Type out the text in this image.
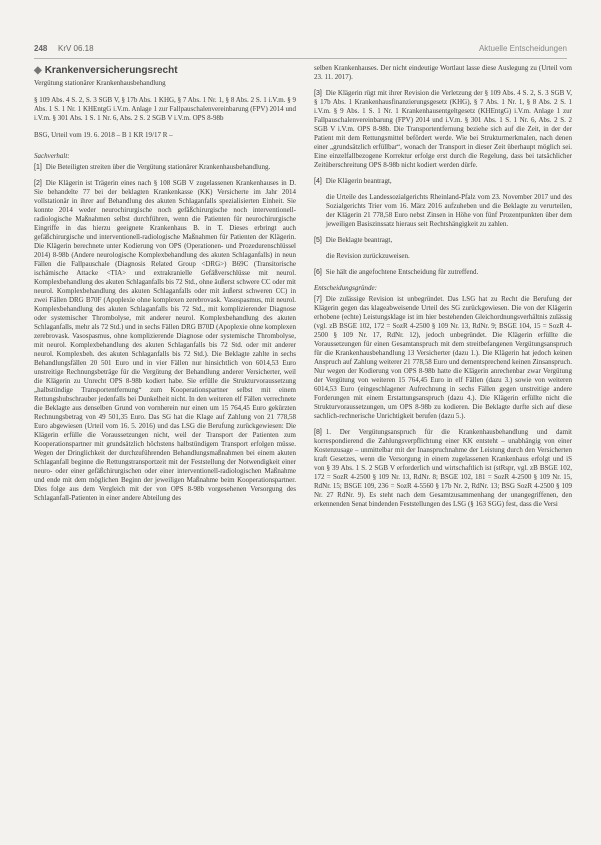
248 KrV 06.18	Aktuelle Entscheidungen
◆ Krankenversicherungsrecht
Vergütung stationärer Krankenhausbehandlung
§ 109 Abs. 4 S. 2, S. 3 SGB V, § 17b Abs. 1 KHG, § 7 Abs. 1 Nr. 1, § 8 Abs. 2 S. 1 i.V.m. § 9 Abs. 1 S. 1 Nr. 1 KHEntgG i.V.m. Anlage 1 zur Fallpauschalenvereinbarung (FPV) 2014 und i.V.m. § 301 Abs. 1 S. 1 Nr. 6, Abs. 2 S. 2 SGB V i.V.m. OPS 8-98b
BSG, Urteil vom 19. 6. 2018 – B 1 KR 19/17 R –
Sachverhalt:

[1] Die Beteiligten streiten über die Vergütung stationärer Krankenhausbehandlung.

[2] Die Klägerin ist Trägerin eines nach § 108 SGB V zugelassenen Krankenhauses in D. Sie behandelte 77 bei der beklagten Krankenkasse (KK) Versicherte im Jahr 2014 vollstationär in ihrer auf Behandlung des akuten Schlaganfalls spezialisierten Einheit. Sie konnte 2014 weder neurochirurgische noch gefäßchirurgische noch interventionell-radiologische Maßnahmen selbst durchführen, wenn die Patienten für neurochirurgische Eingriffe in das hierzu geeignete Krankenhaus B. in T. Dieses erbringt auch gefäßchirurgische und interventionell-radiologische Maßnahmen für Patienten der Klägerin. Die Klägerin berechnete unter Kodierung von OPS (Operationen- und Prozedurenschlüssel 2014) 8-98b (Andere neurologische Komplexbehandlung des akuten Schlaganfalls) in neun Fällen die Fallpauschale (Diagnosis Related Group <DRG>) B69C (Transitorische ischämische Attacke <TIA> und extrakranielle Gefäßverschlüsse mit neurol. Komplexbehandlung des akuten Schlaganfalls bis 72 Std., ohne äußerst schwere CC oder mit neurol. Komplexbehandlung des akuten Schlaganfalls oder mit äußerst schweren CC) in zwei Fällen DRG B70F (Apoplexie ohne komplexen zerebrovask. Vasospasmus, mit neurol. Komplexbehandlung des akuten Schlaganfalls bis 72 Std., mit komplizierender Diagnose oder systemischer Thrombolyse, mit anderer neurol. Komplexbehandlung des akuten Schlaganfalls, mehr als 72 Std.) und in sechs Fällen DRG B70D (Apoplexie ohne komplexen zerebrovask. Vasospasmus, ohne komplizierende Diagnose oder systemische Thrombolyse, mit neurol. Komplexbehandlung des akuten Schlaganfalls bis 72 Std. oder mit anderer neurol. Komplexbeh. des akuten Schlaganfalls bis 72 Std.). Die Beklagte zahlte in sechs Behandlungsfällen 20 501 Euro und in vier Fällen nur hinsichtlich von 6014,53 Euro unstreitige Rechnungsbeträge für die Vergütung der Behandlung anderer Versicherter, weil die Klägerin zu Unrecht OPS 8-98b kodiert habe. Sie erfülle die Strukturvoraussetzung „halbstündige Transportentfernung“ zum Kooperationspartner selbst mit einem Rettungshubschrauber jedenfalls bei Dunkelheit nicht. In den weiteren elf Fällen verrechnete die Beklagte aus denselben Grund von vornherein nur einen um 15 764,45 Euro gekürzten Rechnungsbetrag von 49 501,35 Euro. Das SG hat die Klage auf Zahlung von 21 778,58 Euro abgewiesen (Urteil vom 16. 5. 2016) und das LSG die Berufung zurückgewiesen: Die Klägerin erfülle die Voraussetzungen nicht, weil der Transport der Patienten zum Kooperationspartner mit grundsätzlich höchstens halbstündigem Transport erfolgen müsse. Wegen der Dringlichkeit der durchzuführenden Behandlungsmaßnahmen bei einem akuten Schlaganfall beginne die Rettungstransportzeit mit der Feststellung der Notwendigkeit einer neuro- oder einer gefäßchirurgischen oder einer interventionell-radiologischen Maßnahme und ende mit dem möglichen Beginn der jeweiligen Maßnahme beim Kooperationspartner. Dies folge aus dem Vergleich mit der von OPS 8-98b vorgesehenen Versorgung des Schlaganfall-Patienten in einer andere Abteilung des

selben Krankenhauses. Der nicht eindeutige Wortlaut lasse diese Auslegung zu (Urteil vom 23. 11. 2017).

[3] Die Klägerin rügt mit ihrer Revision die Verletzung der § 109 Abs. 4 S. 2, S. 3 SGB V, § 17b Abs. 1 Krankenhausfinanzierungsgesetz (KHG), § 7 Abs. 1 Nr. 1, § 8 Abs. 2 S. 1 i.V.m. § 9 Abs. 1 S. 1 Nr. 1 Krankenhausentgeltgesetz (KHEntgG) i.V.m. Anlage 1 zur Fallpauschalenvereinbarung (FPV) 2014 und i.V.m. § 301 Abs. 1 S. 1 Nr. 6, Abs. 2 S. 2 SGB V i.V.m. OPS 8-98b. Die Transportentfernung beziehe sich auf die Zeit, in der der Patient mit dem Rettungsmittel befördert werde. Wie bei Strukturmerkmalen, nach denen einer „grundsätzlich erfüllbar“, wonach der Transport in dieser Zeit überhaupt möglich sei. Eine einzelfallbezogene Korrektur erfolge erst durch die Regelung, dass bei tatsächlicher Zeitüberschreitung OPS 8-98b nicht kodiert werden dürfe.

[4] Die Klägerin beantragt,

die Urteile des Landessozialgerichts Rheinland-Pfalz vom 23. November 2017 und des Sozialgerichts Trier vom 16. März 2016 aufzuheben und die Beklagte zu verurteilen, der Klägerin 21 778,58 Euro nebst Zinsen in Höhe von fünf Prozentpunkten über dem jeweiligen Basiszinssatz hieraus seit Rechtshängigkeit zu zahlen.

[5] Die Beklagte beantragt,

die Revision zurückzuweisen.

[6] Sie hält die angefochtene Entscheidung für zutreffend.

Entscheidungsgründe:

[7] Die zulässige Revision ist unbegründet. Das LSG hat zu Recht die Berufung der Klägerin gegen das klageabweisende Urteil des SG zurückgewiesen. Die von der Klägerin erhobene (echte) Leistungsklage ist im hier bestehenden Gleichordnungsverhältnis zulässig (vgl. zB BSGE 102, 172 = SozR 4-2500 § 109 Nr. 13, RdNr. 9; BSGE 104, 15 = SozR 4-2500 § 109 Nr. 17, RdNr. 12), jedoch unbegründet. Die Klägerin erfüllte die Voraussetzungen für einen Gesamtanspruch mit dem streitbefangenen Vergütungsanspruch für die Krankenhausbehandlung 13 Versicherter (dazu 1.). Die Klägerin hat jedoch keinen Anspruch auf Zahlung weiterer 21 778,58 Euro und dementsprechend keinen Zinsanspruch. Nur wegen der Kodierung von OPS 8-98b hatte die Klägerin anrechenbar zwar Vergütung der Vergütung von weiteren 15 764,45 Euro in elf Fällen (dazu 3.) sowie von weiteren 6014,53 Euro (eingeschlagener Aufrechnung in sechs Fällen gegen unstreitige andere Forderungen mit einem Erstattungsanspruch (dazu 4.). Die Klägerin erfüllte nicht die Strukturvoraussetzungen, um OPS 8-98b zu kodieren. Die Beklagte durfte sich auf diese sachlich-rechnerische Unrichtigkeit berufen (dazu 5.).

[8] 1. Der Vergütungsanspruch für die Krankenhausbehandlung und damit korrespondierend die Zahlungsverpflichtung einer KK entsteht – unabhängig von einer Kostenzusage – unmittelbar mit der Inanspruchnahme der Leistung durch den Versicherten kraft Gesetzes, wenn die Versorgung in einem zugelassenen Krankenhaus erfolgt und iS von § 39 Abs. 1 S. 2 SGB V erforderlich und wirtschaftlich ist (stRspr, vgl. zB BSGE 102, 172 = SozR 4-2500 § 109 Nr. 13, RdNr. 8; BSGE 102, 181 = SozR 4-2500 § 109 Nr. 15, RdNr. 15; BSGE 109, 236 = SozR 4-5560 § 17b Nr. 2, RdNr. 13; BSG SozR 4-2500 § 109 Nr. 27 RdNr. 9). Es steht nach dem Gesamtzusammenhang der unangegriffenen, den erkennenden Senat bindenden Feststellungen des LSG (§ 163 SGG) fest, dass die Versi
